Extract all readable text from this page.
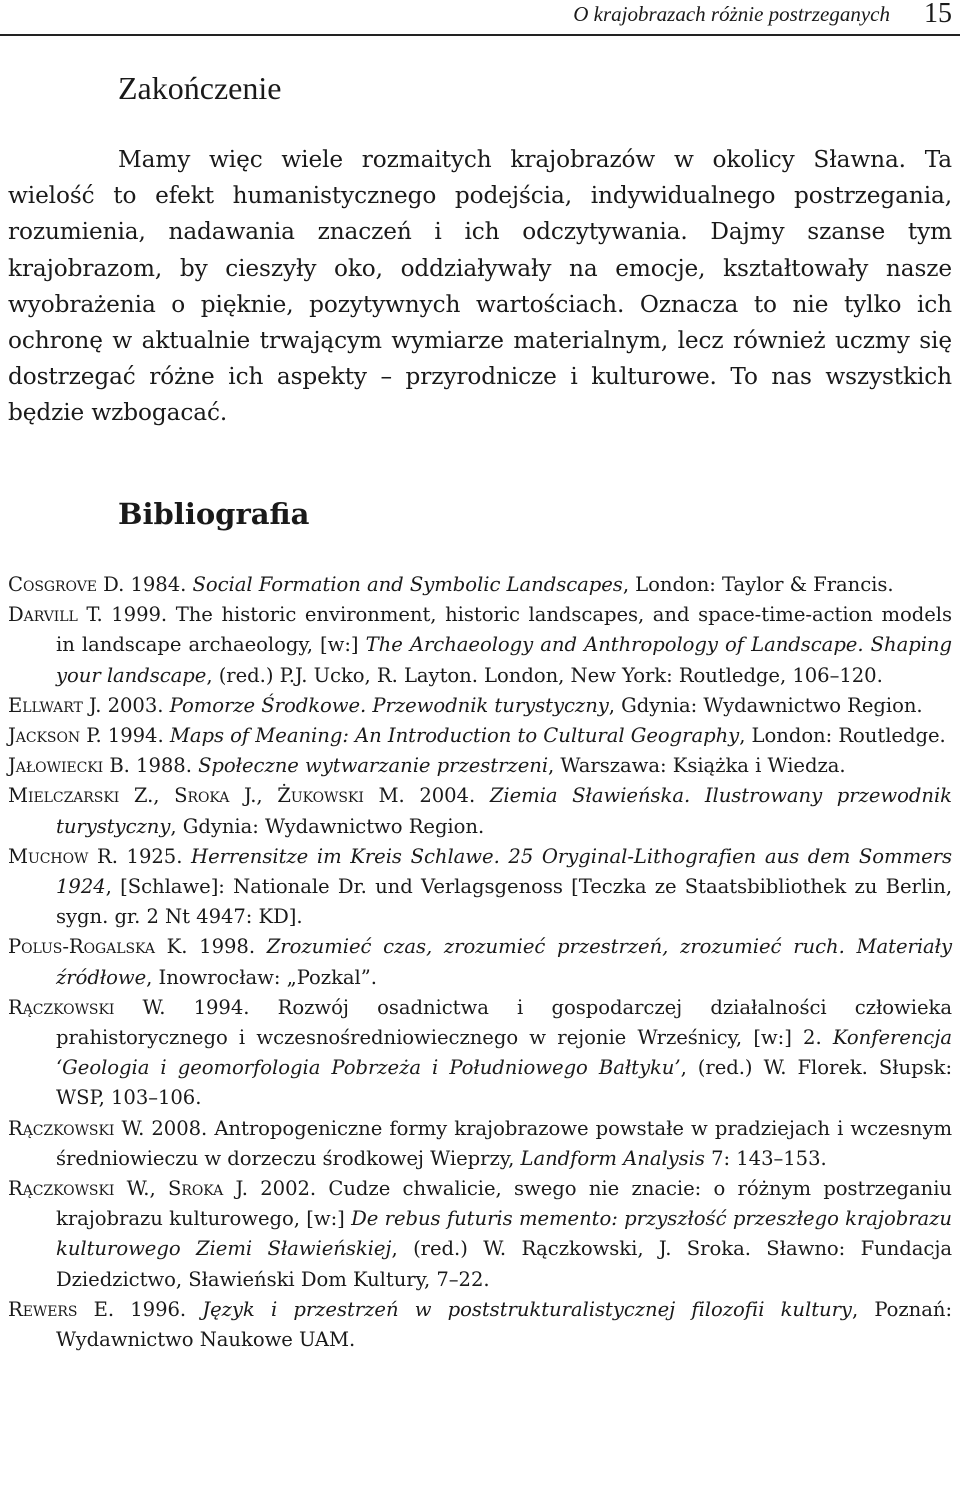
O krajobrazach różnie postrzeganych 15
Zakończenie

Mamy więc wiele rozmaitych krajobrazów w okolicy Sławna. Ta wielość to efekt humanistycznego podejścia, indywidualnego postrzegania, rozumienia, nadawania znaczeń i ich odczytywania. Dajmy szanse tym krajobrazom, by cieszyły oko, oddziaływały na emocje, kształtowały nasze wyobrażenia o pięknie, pozytywnych wartościach. Oznacza to nie tylko ich ochronę w aktualnie trwającym wymiarze materialnym, lecz również uczmy się dostrzegać różne ich aspekty – przyrodnicze i kulturowe. To nas wszystkich będzie wzbogacać.

Bibliografia
Cosgrove D. 1984. Social Formation and Symbolic Landscapes, London: Taylor & Francis.
Darvill T. 1999. The historic environment, historic landscapes, and space-time-action models in landscape archaeology, [w:] The Archaeology and Anthropology of Landscape. Shaping your landscape, (red.) P.J. Ucko, R. Layton. London, New York: Routledge, 106–120.
Ellwart J. 2003. Pomorze Środkowe. Przewodnik turystyczny, Gdynia: Wydawnictwo Region.
Jackson P. 1994. Maps of Meaning: An Introduction to Cultural Geography, London: Routledge.
Jałowiecki B. 1988. Społeczne wytwarzanie przestrzeni, Warszawa: Książka i Wiedza.
Mielczarski Z., Sroka J., Żukowski M. 2004. Ziemia Sławieńska. Ilustrowany przewodnik turystyczny, Gdynia: Wydawnictwo Region.
Muchow R. 1925. Herrensitze im Kreis Schlawe. 25 Oryginal-Lithografien aus dem Sommers 1924, [Schlawe]: Nationale Dr. und Verlagsgenoss [Teczka ze Staatsbibliothek zu Berlin, sygn. gr. 2 Nt 4947: KD].
Polus-Rogalska K. 1998. Zrozumieć czas, zrozumieć przestrzeń, zrozumieć ruch. Materiały źródłowe, Inowrocław: „Pozkal”.
Rączkowski W. 1994. Rozwój osadnictwa i gospodarczej działalności człowieka prahistorycznego i wczesnośredniowiecznego w rejonie Wrześnicy, [w:] 2. Konferencja ‘Geologia i geomorfologia Pobrzeża i Południowego Bałtyku’, (red.) W. Florek. Słupsk: WSP, 103–106.
Rączkowski W. 2008. Antropogeniczne formy krajobrazowe powstałe w pradziejach i wczesnym średniowieczu w dorzeczu środkowej Wieprzy, Landform Analysis 7: 143–153.
Rączkowski W., Sroka J. 2002. Cudze chwalicie, swego nie znacie: o różnym postrzeganiu krajobrazu kulturowego, [w:] De rebus futuris memento: przyszłość przeszłego krajobrazu kulturowego Ziemi Sławieńskiej, (red.) W. Rączkowski, J. Sroka. Sławno: Fundacja Dziedzictwo, Sławieński Dom Kultury, 7–22.
Rewers E. 1996. Język i przestrzeń w poststrukturalistycznej filozofii kultury, Poznań: Wydawnictwo Naukowe UAM.
